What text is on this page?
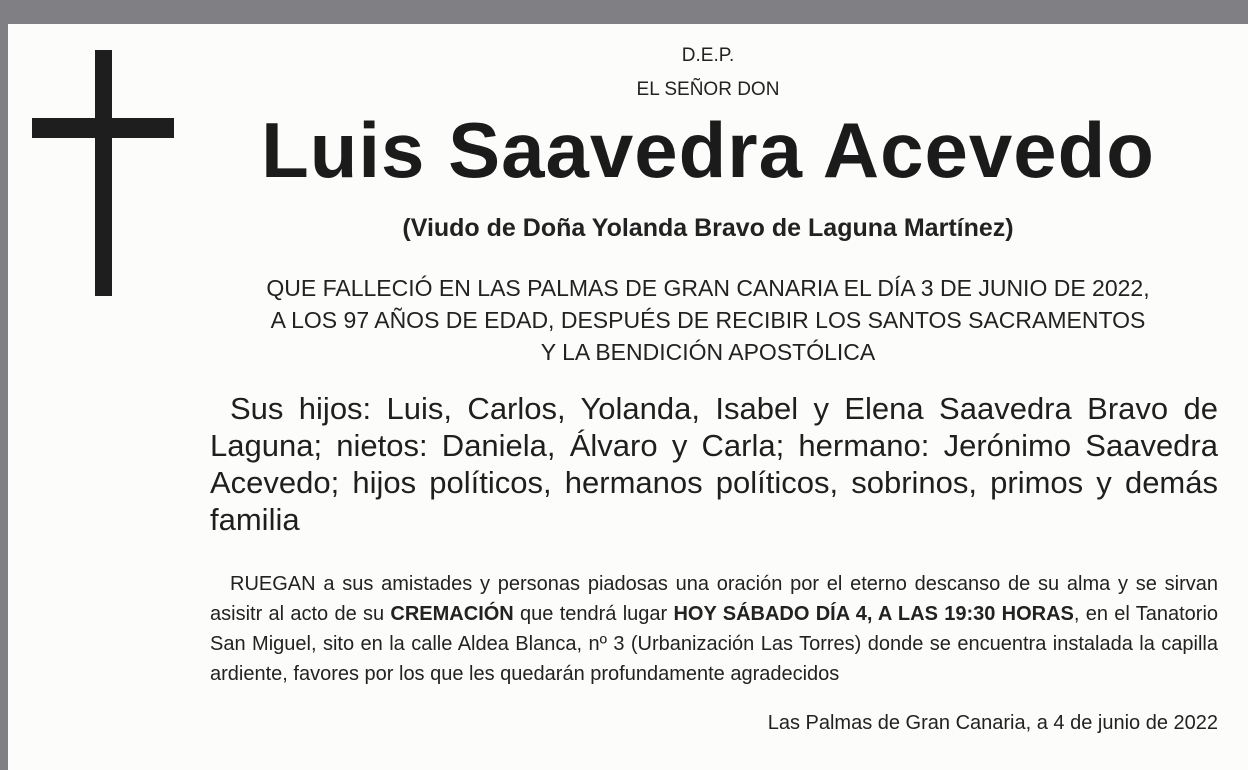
D.E.P.
EL SEÑOR DON
Luis Saavedra Acevedo
(Viudo de Doña Yolanda Bravo de Laguna Martínez)
QUE FALLECIÓ EN LAS PALMAS DE GRAN CANARIA EL DÍA 3 DE JUNIO DE 2022,
A LOS 97 AÑOS DE EDAD, DESPUÉS DE RECIBIR LOS SANTOS SACRAMENTOS
Y LA BENDICIÓN APOSTÓLICA
Sus hijos: Luis, Carlos, Yolanda, Isabel y Elena Saavedra Bravo de Laguna; nietos: Daniela, Álvaro y Carla; hermano: Jerónimo Saavedra Acevedo; hijos políticos, hermanos políticos, sobrinos, primos y demás familia
RUEGAN a sus amistades y personas piadosas una oración por el eterno descanso de su alma y se sirvan asisitr al acto de su CREMACIÓN que tendrá lugar HOY SÁBADO DÍA 4, A LAS 19:30 HORAS, en el Tanatorio San Miguel, sito en la calle Aldea Blanca, nº 3 (Urbanización Las Torres) donde se encuentra instalada la capilla ardiente, favores por los que les quedarán profundamente agradecidos
Las Palmas de Gran Canaria, a 4 de junio de 2022
